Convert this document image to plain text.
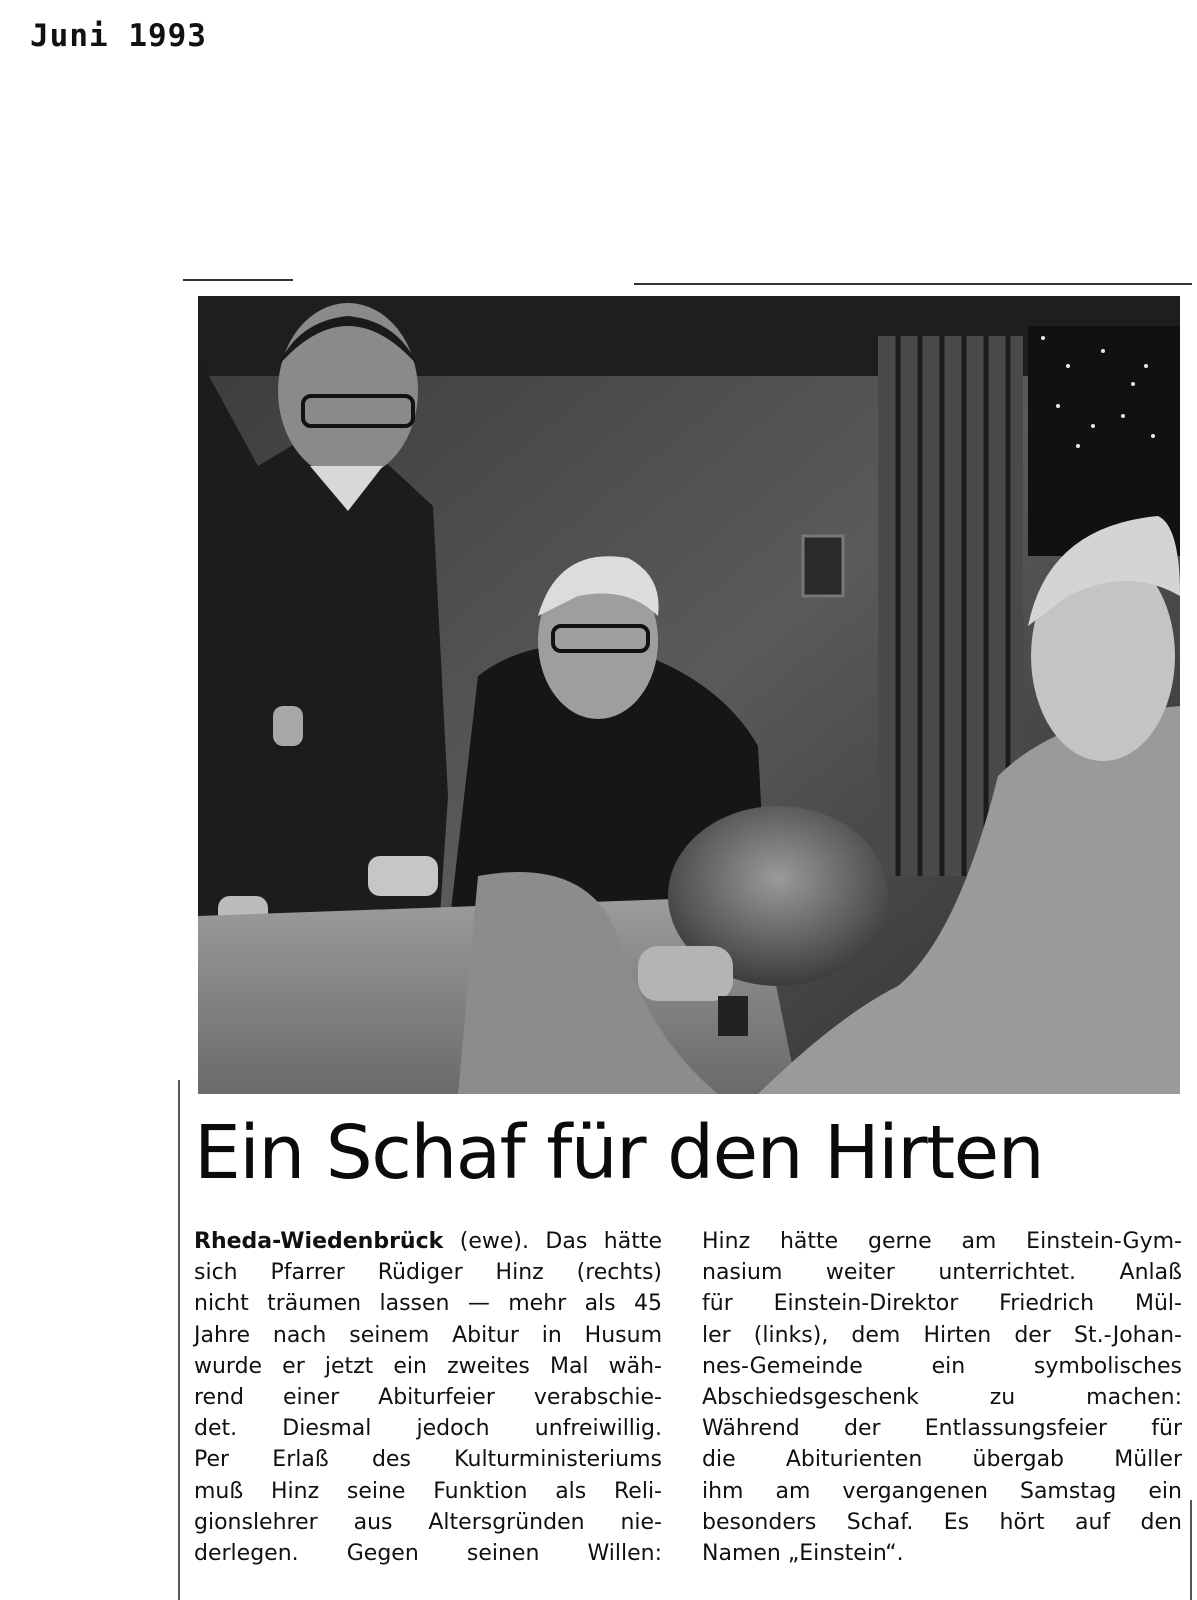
Juni 1993
Ein Schaf für den Hirten
Rheda-Wiedenbrück (ewe). Das hätte
sich Pfarrer Rüdiger Hinz (rechts)
nicht träumen lassen — mehr als 45
Jahre nach seinem Abitur in Husum
wurde er jetzt ein zweites Mal wäh-
rend einer Abiturfeier verabschie-
det. Diesmal jedoch unfreiwillig.
Per Erlaß des Kulturministeriums
muß Hinz seine Funktion als Reli-
gionslehrer aus Altersgründen nie-
derlegen. Gegen seinen Willen:
Hinz hätte gerne am Einstein-Gym-
nasium weiter unterrichtet. Anlaß
für Einstein-Direktor Friedrich Mül-
ler (links), dem Hirten der St.-Johan-
nes-Gemeinde ein symbolisches
Abschiedsgeschenk zu machen:
Während der Entlassungsfeier für
die Abiturienten übergab Müller
ihm am vergangenen Samstag ein
besonders Schaf. Es hört auf den
Namen „Einstein“.
